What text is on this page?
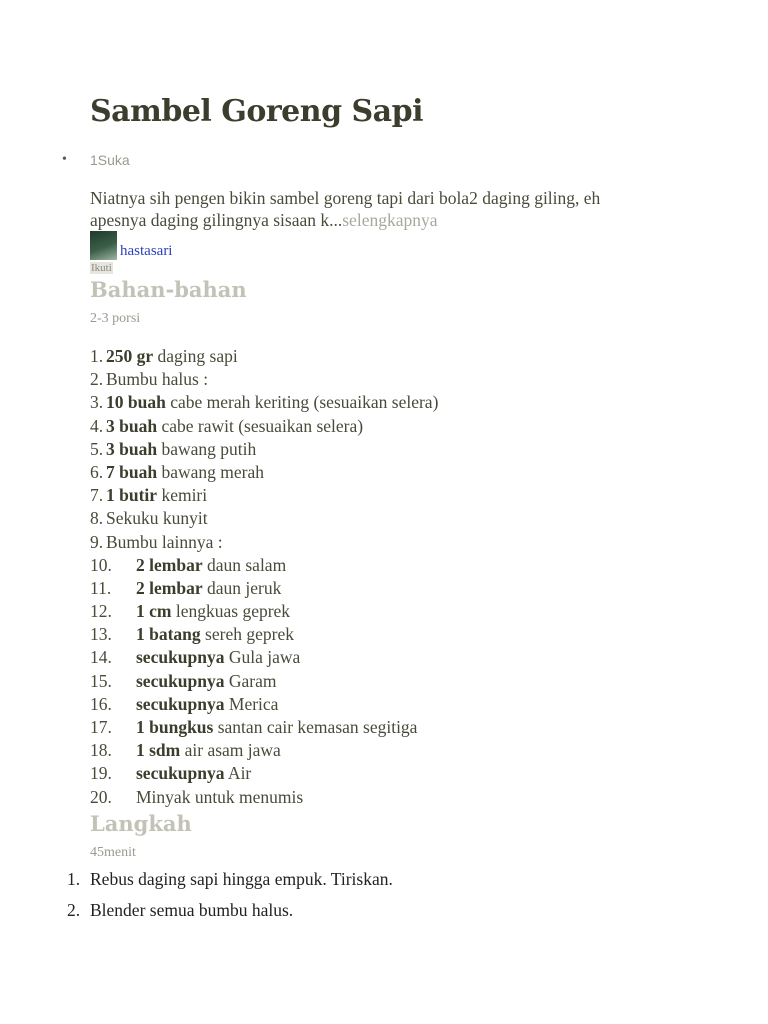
Sambel Goreng Sapi
• 1Suka
Niatnya sih pengen bikin sambel goreng tapi dari bola2 daging giling, eh apesnya daging gilingnya sisaan k...selengkapnya
hastasari
Ikuti
Bahan-bahan
2-3 porsi
1. 250 gr daging sapi
2. Bumbu halus :
3. 10 buah cabe merah keriting (sesuaikan selera)
4. 3 buah cabe rawit (sesuaikan selera)
5. 3 buah bawang putih
6. 7 buah bawang merah
7. 1 butir kemiri
8. Sekuku kunyit
9. Bumbu lainnya :
10. 2 lembar daun salam
11. 2 lembar daun jeruk
12. 1 cm lengkuas geprek
13. 1 batang sereh geprek
14. secukupnya Gula jawa
15. secukupnya Garam
16. secukupnya Merica
17. 1 bungkus santan cair kemasan segitiga
18. 1 sdm air asam jawa
19. secukupnya Air
20. Minyak untuk menumis
Langkah
45menit
1. Rebus daging sapi hingga empuk. Tiriskan.
2. Blender semua bumbu halus.
